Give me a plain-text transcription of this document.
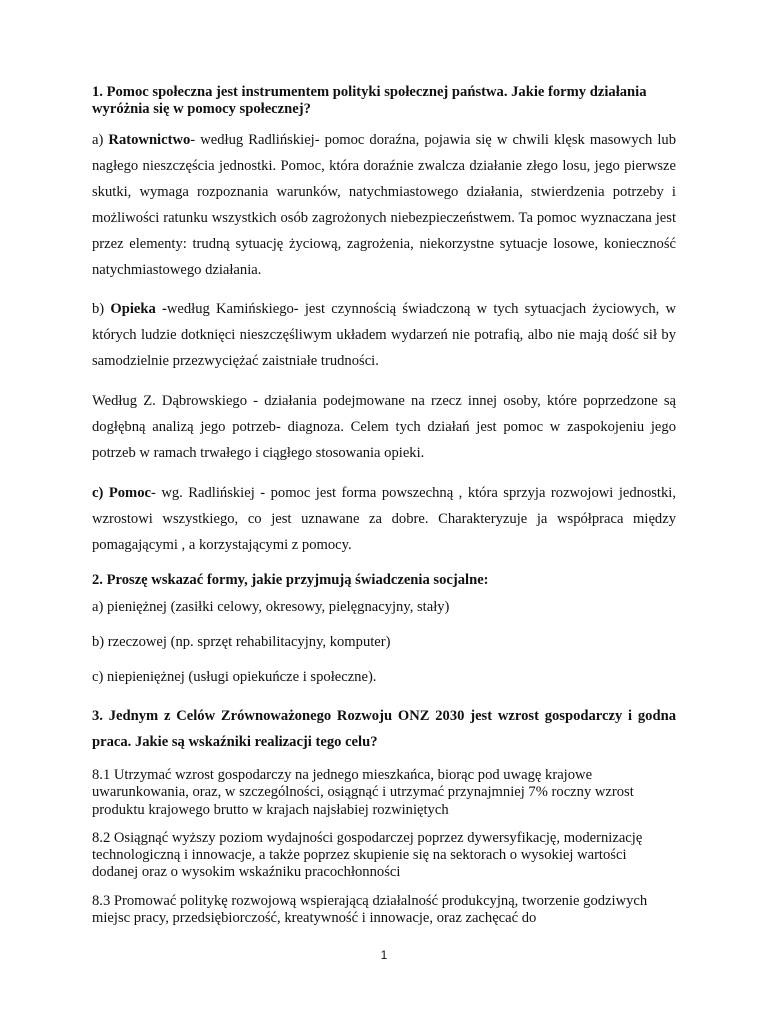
1. Pomoc społeczna jest instrumentem polityki społecznej państwa. Jakie formy działania wyróżnia się w pomocy społecznej?

a) Ratownictwo- według Radlińskiej- pomoc doraźna, pojawia się w chwili klęsk masowych lub nagłego nieszczęścia jednostki. Pomoc, która doraźnie zwalcza działanie złego losu, jego pierwsze skutki, wymaga rozpoznania warunków, natychmiastowego działania, stwierdzenia potrzeby i możliwości ratunku wszystkich osób zagrożonych niebezpieczeństwem. Ta pomoc wyznaczana jest przez elementy: trudną sytuację życiową, zagrożenia, niekorzystne sytuacje losowe, konieczność natychmiastowego działania.

b) Opieka -według Kamińskiego- jest czynnością świadczoną w tych sytuacjach życiowych, w których ludzie dotknięci nieszczęśliwym układem wydarzeń nie potrafią, albo nie mają dość sił by samodzielnie przezwyciężać zaistniałe trudności.

Według Z. Dąbrowskiego - działania podejmowane na rzecz innej osoby, które poprzedzone są dogłębną analizą jego potrzeb- diagnoza. Celem tych działań jest pomoc w zaspokojeniu jego potrzeb w ramach trwałego i ciągłego stosowania opieki.

c) Pomoc- wg. Radlińskiej - pomoc jest forma powszechną , która sprzyja rozwojowi jednostki, wzrostowi wszystkiego, co jest uznawane za dobre. Charakteryzuje ja współpraca między pomagającymi , a korzystającymi z pomocy.

2. Proszę wskazać formy, jakie przyjmują świadczenia socjalne:

a) pieniężnej (zasiłki celowy, okresowy, pielęgnacyjny, stały)

b) rzeczowej (np. sprzęt rehabilitacyjny, komputer)

c) niepieniężnej (usługi opiekuńcze i społeczne).

3. Jednym z Celów Zrównoważonego Rozwoju ONZ 2030 jest wzrost gospodarczy i godna praca. Jakie są wskaźniki realizacji tego celu?

8.1 Utrzymać wzrost gospodarczy na jednego mieszkańca, biorąc pod uwagę krajowe uwarunkowania, oraz, w szczególności, osiągnąć i utrzymać przynajmniej 7% roczny wzrost produktu krajowego brutto w krajach najsłabiej rozwiniętych

8.2 Osiągnąć wyższy poziom wydajności gospodarczej poprzez dywersyfikację, modernizację technologiczną i innowacje, a także poprzez skupienie się na sektorach o wysokiej wartości dodanej oraz o wysokim wskaźniku pracochłonności

8.3 Promować politykę rozwojową wspierającą działalność produkcyjną, tworzenie godziwych miejsc pracy, przedsiębiorczość, kreatywność i innowacje, oraz zachęcać do

1
